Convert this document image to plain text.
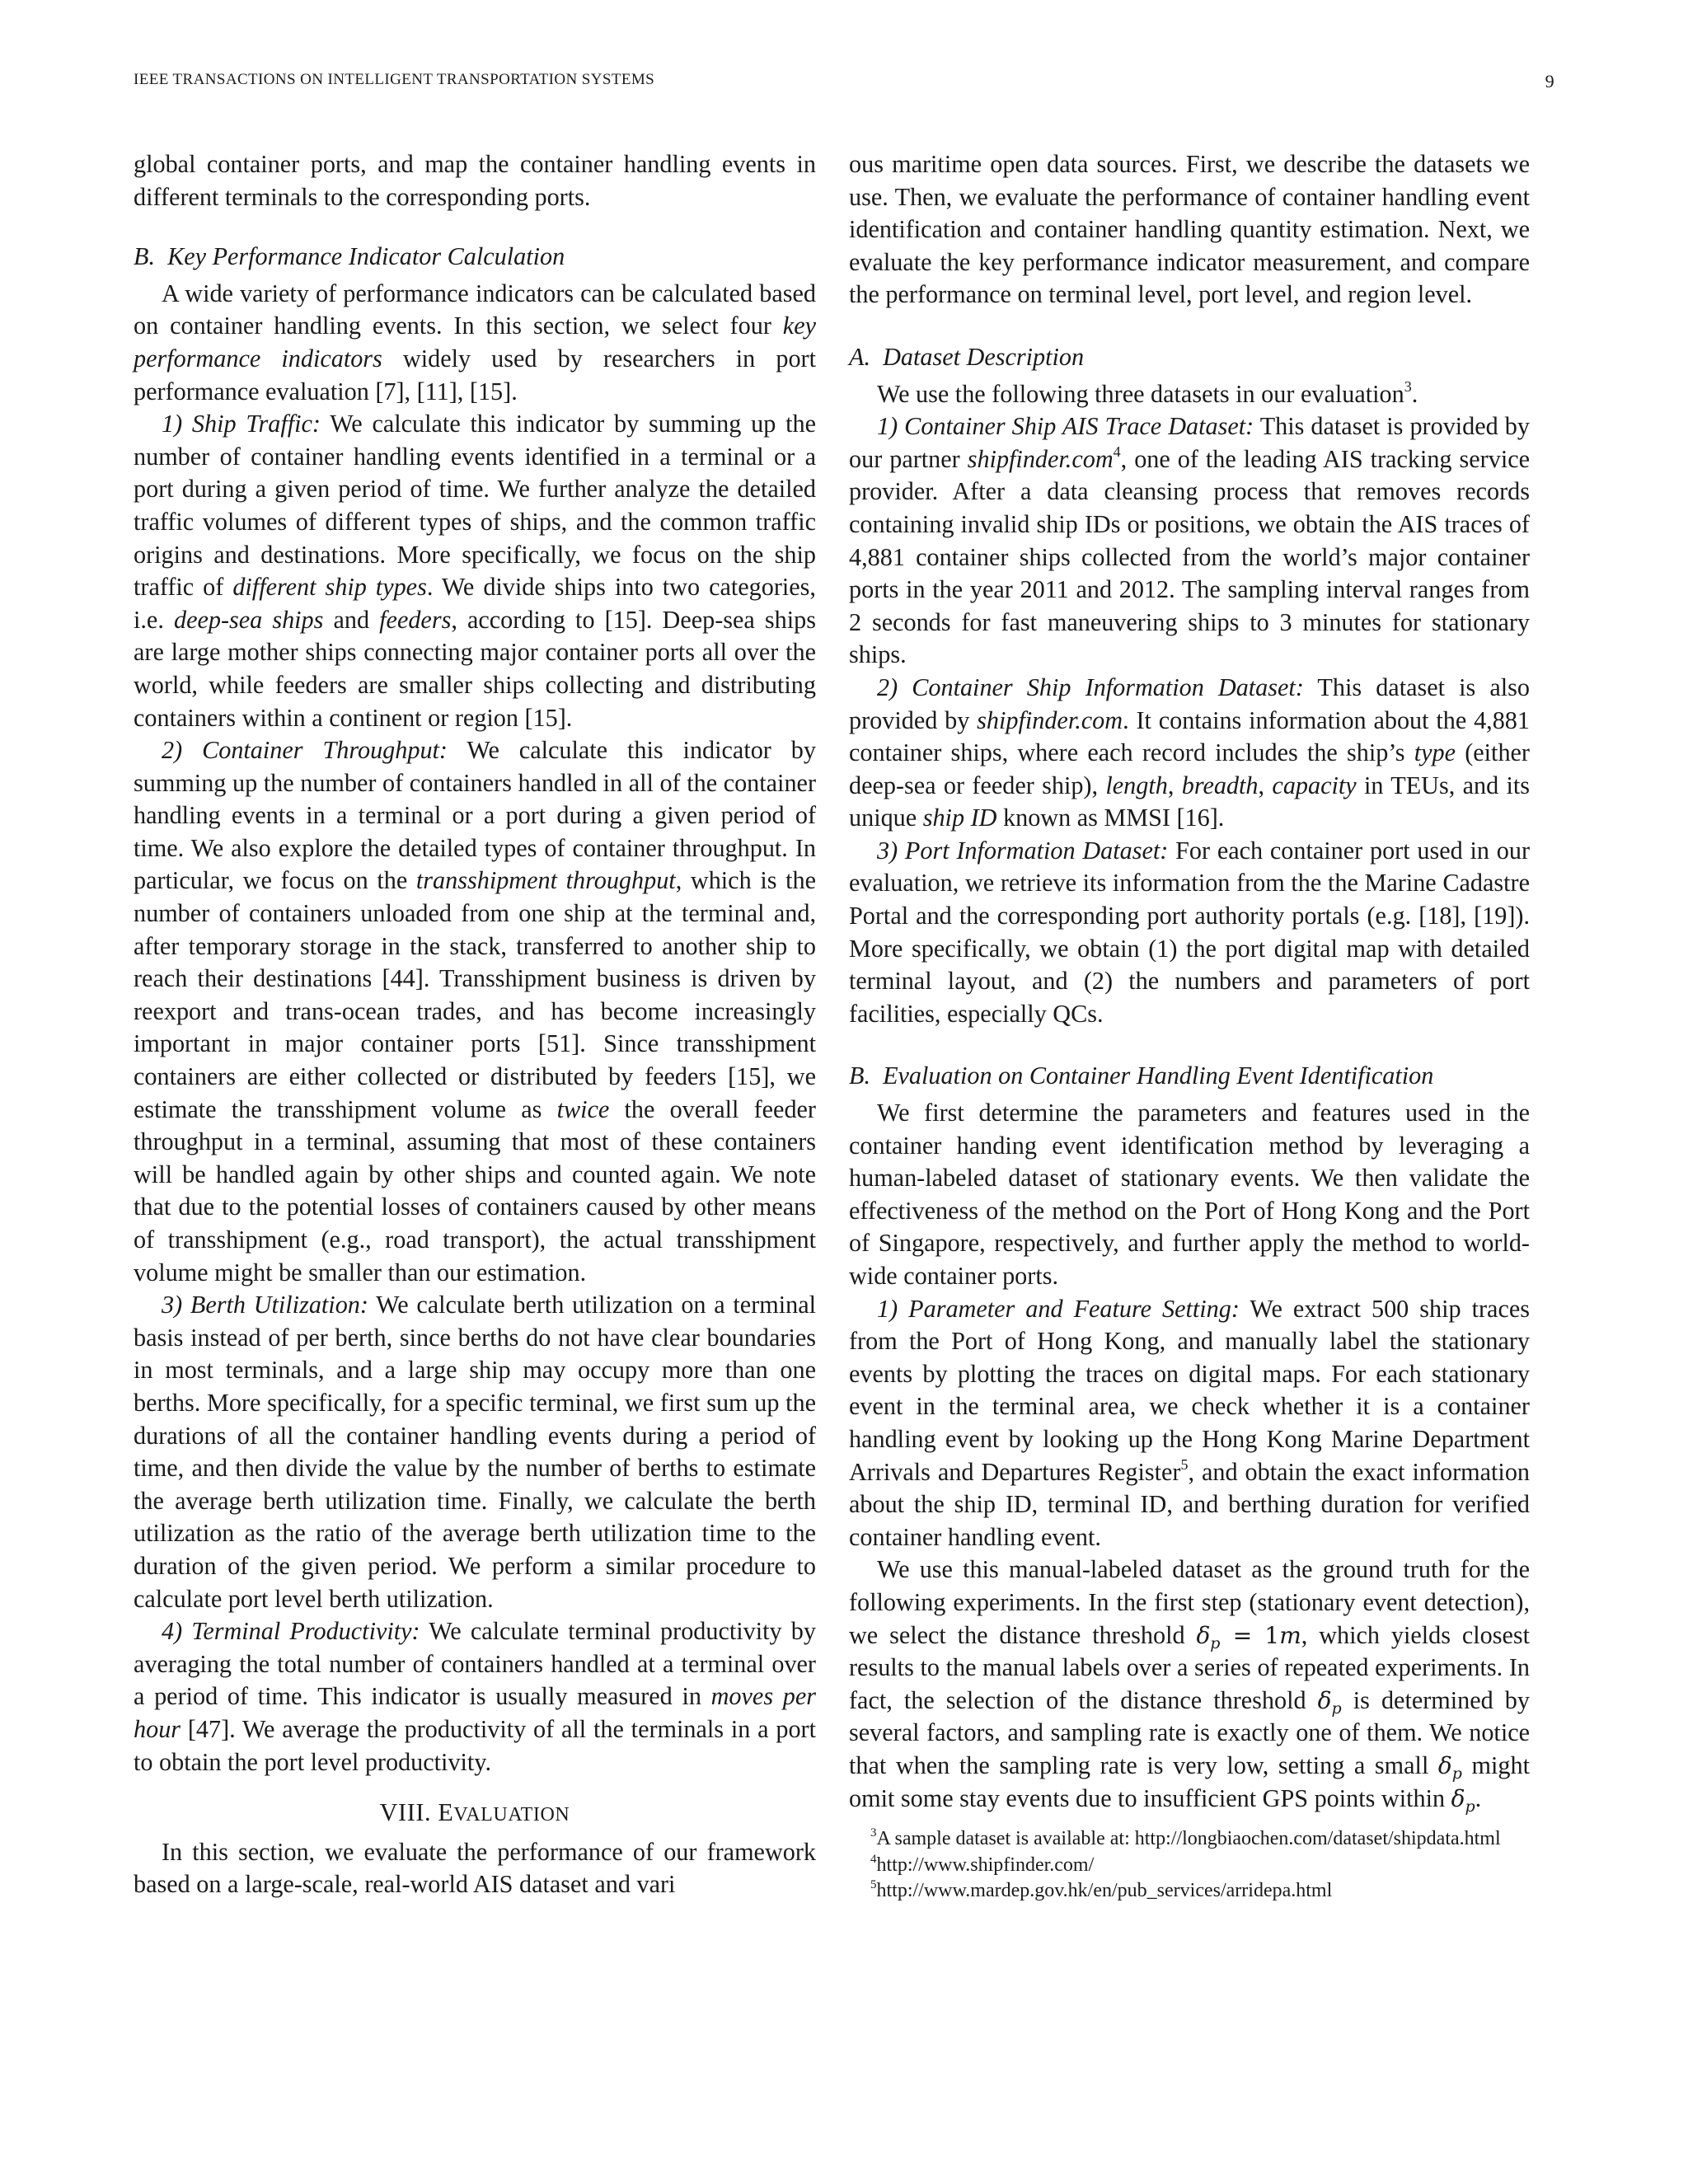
IEEE TRANSACTIONS ON INTELLIGENT TRANSPORTATION SYSTEMS	9

global container ports, and map the container handling events in different terminals to the corresponding ports.

B. Key Performance Indicator Calculation

A wide variety of performance indicators can be calculated based on container handling events. In this section, we select four key performance indicators widely used by researchers in port performance evaluation [7], [11], [15].

1) Ship Traffic: We calculate this indicator by summing up the number of container handling events identified in a terminal or a port during a given period of time. We further analyze the detailed traffic volumes of different types of ships, and the common traffic origins and destinations. More specifically, we focus on the ship traffic of different ship types. We divide ships into two categories, i.e. deep-sea ships and feeders, according to [15]. Deep-sea ships are large mother ships connecting major container ports all over the world, while feeders are smaller ships collecting and distributing containers within a continent or region [15].

2) Container Throughput: We calculate this indicator by summing up the number of containers handled in all of the container handling events in a terminal or a port during a given period of time. We also explore the detailed types of container throughput. In particular, we focus on the transshipment throughput, which is the number of containers unloaded from one ship at the terminal and, after temporary storage in the stack, transferred to another ship to reach their destinations [44]. Transshipment business is driven by reexport and trans-ocean trades, and has become increasingly important in major container ports [51]. Since transshipment containers are either collected or distributed by feeders [15], we estimate the transshipment volume as twice the overall feeder throughput in a terminal, assuming that most of these containers will be handled again by other ships and counted again. We note that due to the potential losses of containers caused by other means of transshipment (e.g., road transport), the actual transshipment volume might be smaller than our estimation.

3) Berth Utilization: We calculate berth utilization on a terminal basis instead of per berth, since berths do not have clear boundaries in most terminals, and a large ship may occupy more than one berths. More specifically, for a specific terminal, we first sum up the durations of all the container handling events during a period of time, and then divide the value by the number of berths to estimate the average berth utilization time. Finally, we calculate the berth utilization as the ratio of the average berth utilization time to the duration of the given period. We perform a similar procedure to calculate port level berth utilization.

4) Terminal Productivity: We calculate terminal productivity by averaging the total number of containers handled at a terminal over a period of time. This indicator is usually measured in moves per hour [47]. We average the productivity of all the terminals in a port to obtain the port level productivity.

VIII. EVALUATION

In this section, we evaluate the performance of our framework based on a large-scale, real-world AIS dataset and vari

ous maritime open data sources. First, we describe the datasets we use. Then, we evaluate the performance of container handling event identification and container handling quantity estimation. Next, we evaluate the key performance indicator measurement, and compare the performance on terminal level, port level, and region level.

A. Dataset Description

We use the following three datasets in our evaluation$^3$.

1) Container Ship AIS Trace Dataset: This dataset is provided by our partner shipfinder.com$^4$, one of the leading AIS tracking service provider. After a data cleansing process that removes records containing invalid ship IDs or positions, we obtain the AIS traces of 4,881 container ships collected from the world’s major container ports in the year 2011 and 2012. The sampling interval ranges from 2 seconds for fast maneuvering ships to 3 minutes for stationary ships.

2) Container Ship Information Dataset: This dataset is also provided by shipfinder.com. It contains information about the 4,881 container ships, where each record includes the ship’s type (either deep-sea or feeder ship), length, breadth, capacity in TEUs, and its unique ship ID known as MMSI [16].

3) Port Information Dataset: For each container port used in our evaluation, we retrieve its information from the the Marine Cadastre Portal and the corresponding port authority portals (e.g. [18], [19]). More specifically, we obtain (1) the port digital map with detailed terminal layout, and (2) the numbers and parameters of port facilities, especially QCs.

B. Evaluation on Container Handling Event Identification

We first determine the parameters and features used in the container handing event identification method by leveraging a human-labeled dataset of stationary events. We then validate the effectiveness of the method on the Port of Hong Kong and the Port of Singapore, respectively, and further apply the method to world-wide container ports.

1) Parameter and Feature Setting: We extract 500 ship traces from the Port of Hong Kong, and manually label the stationary events by plotting the traces on digital maps. For each stationary event in the terminal area, we check whether it is a container handling event by looking up the Hong Kong Marine Department Arrivals and Departures Register$^5$, and obtain the exact information about the ship ID, terminal ID, and berthing duration for verified container handling event.

We use this manual-labeled dataset as the ground truth for the following experiments. In the first step (stationary event detection), we select the distance threshold $\delta_p = 1m$, which yields closest results to the manual labels over a series of repeated experiments. In fact, the selection of the distance threshold $\delta_p$ is determined by several factors, and sampling rate is exactly one of them. We notice that when the sampling rate is very low, setting a small $\delta_p$ might omit some stay events due to insufficient GPS points within $\delta_p$.

$^3$A sample dataset is available at: http://longbiaochen.com/dataset/shipdata.html
$^4$http://www.shipfinder.com/
$^5$http://www.mardep.gov.hk/en/pub_services/arridepa.html
